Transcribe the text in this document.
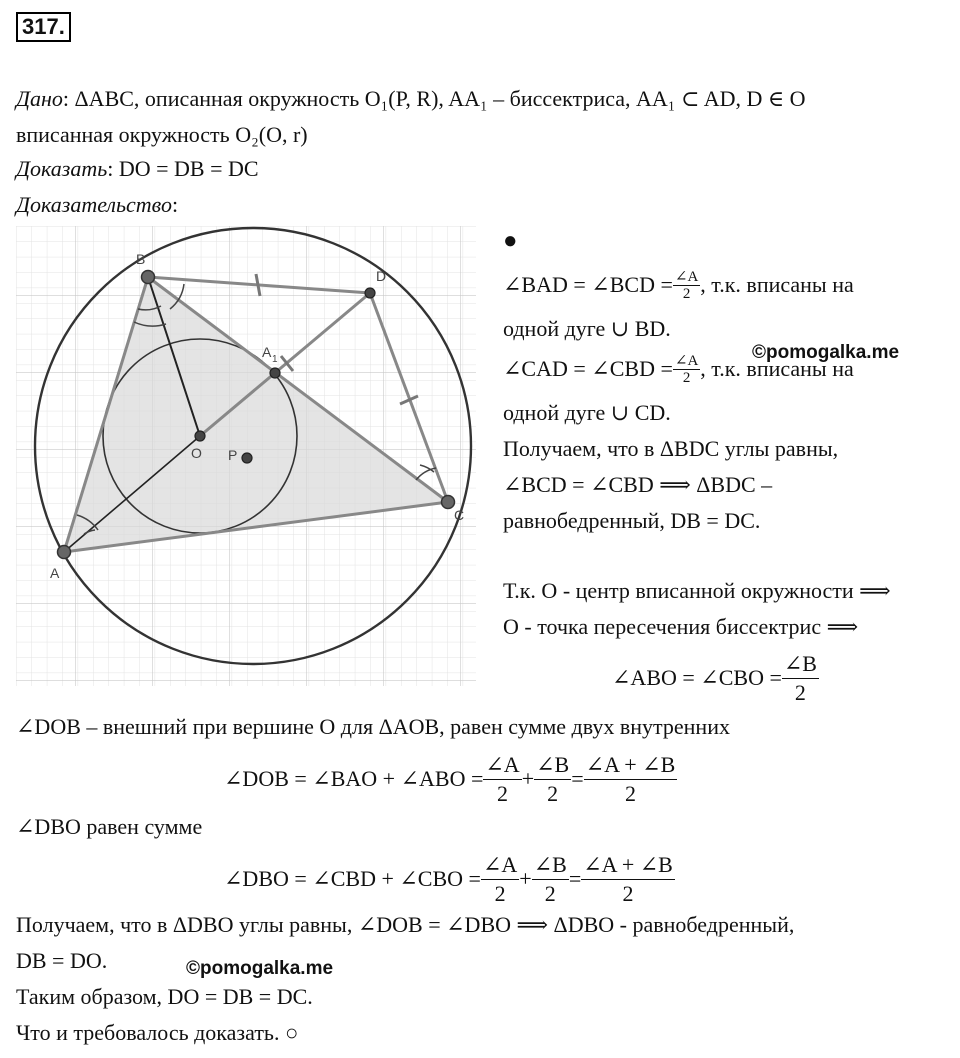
317.
Дано: ΔABC, описанная окружность O₁(P, R), AA₁ – биссектриса, AA₁ ⊂ AD, D ∈ O
вписанная окружность O₂(O, r)
Доказать: DO = DB = DC
Доказательство:
A
B
C
D
O P
A 1
●
∠BAD = ∠BCD = $\frac{\angle A}{2}$ , т.к. вписаны на
одной дуге ∪ BD.
©pomogalka.me
∠CAD = ∠CBD = $\frac{\angle A}{2}$ , т.к. вписаны на
одной дуге ∪ CD.
Получаем, что в ΔBDC углы равны,
∠BCD = ∠CBD ⟹ ΔBDC –
равнобедренный, DB = DC.
Т.к. O - центр вписанной окружности ⟹
O - точка пересечения биссектрис ⟹
∠ABO = ∠CBO = $\frac{\angle B}{2}$
∠DOB – внешний при вершине O для ΔAOB, равен сумме двух внутренних
∠DOB = ∠BAO + ∠ABO = $\frac{\angle A}{2} + \frac{\angle B}{2} = \frac{\angle A + \angle B}{2}$
∠DBO равен сумме
∠DBO = ∠CBD + ∠CBO = $\frac{\angle A}{2} + \frac{\angle B}{2} = \frac{\angle A + \angle B}{2}$
Получаем, что в ΔDBO углы равны, ∠DOB = ∠DBO ⟹ ΔDBO - равнобедренный,
DB = DO.	©pomogalka.me
Таким образом, DO = DB = DC.
Что и требовалось доказать. ○
